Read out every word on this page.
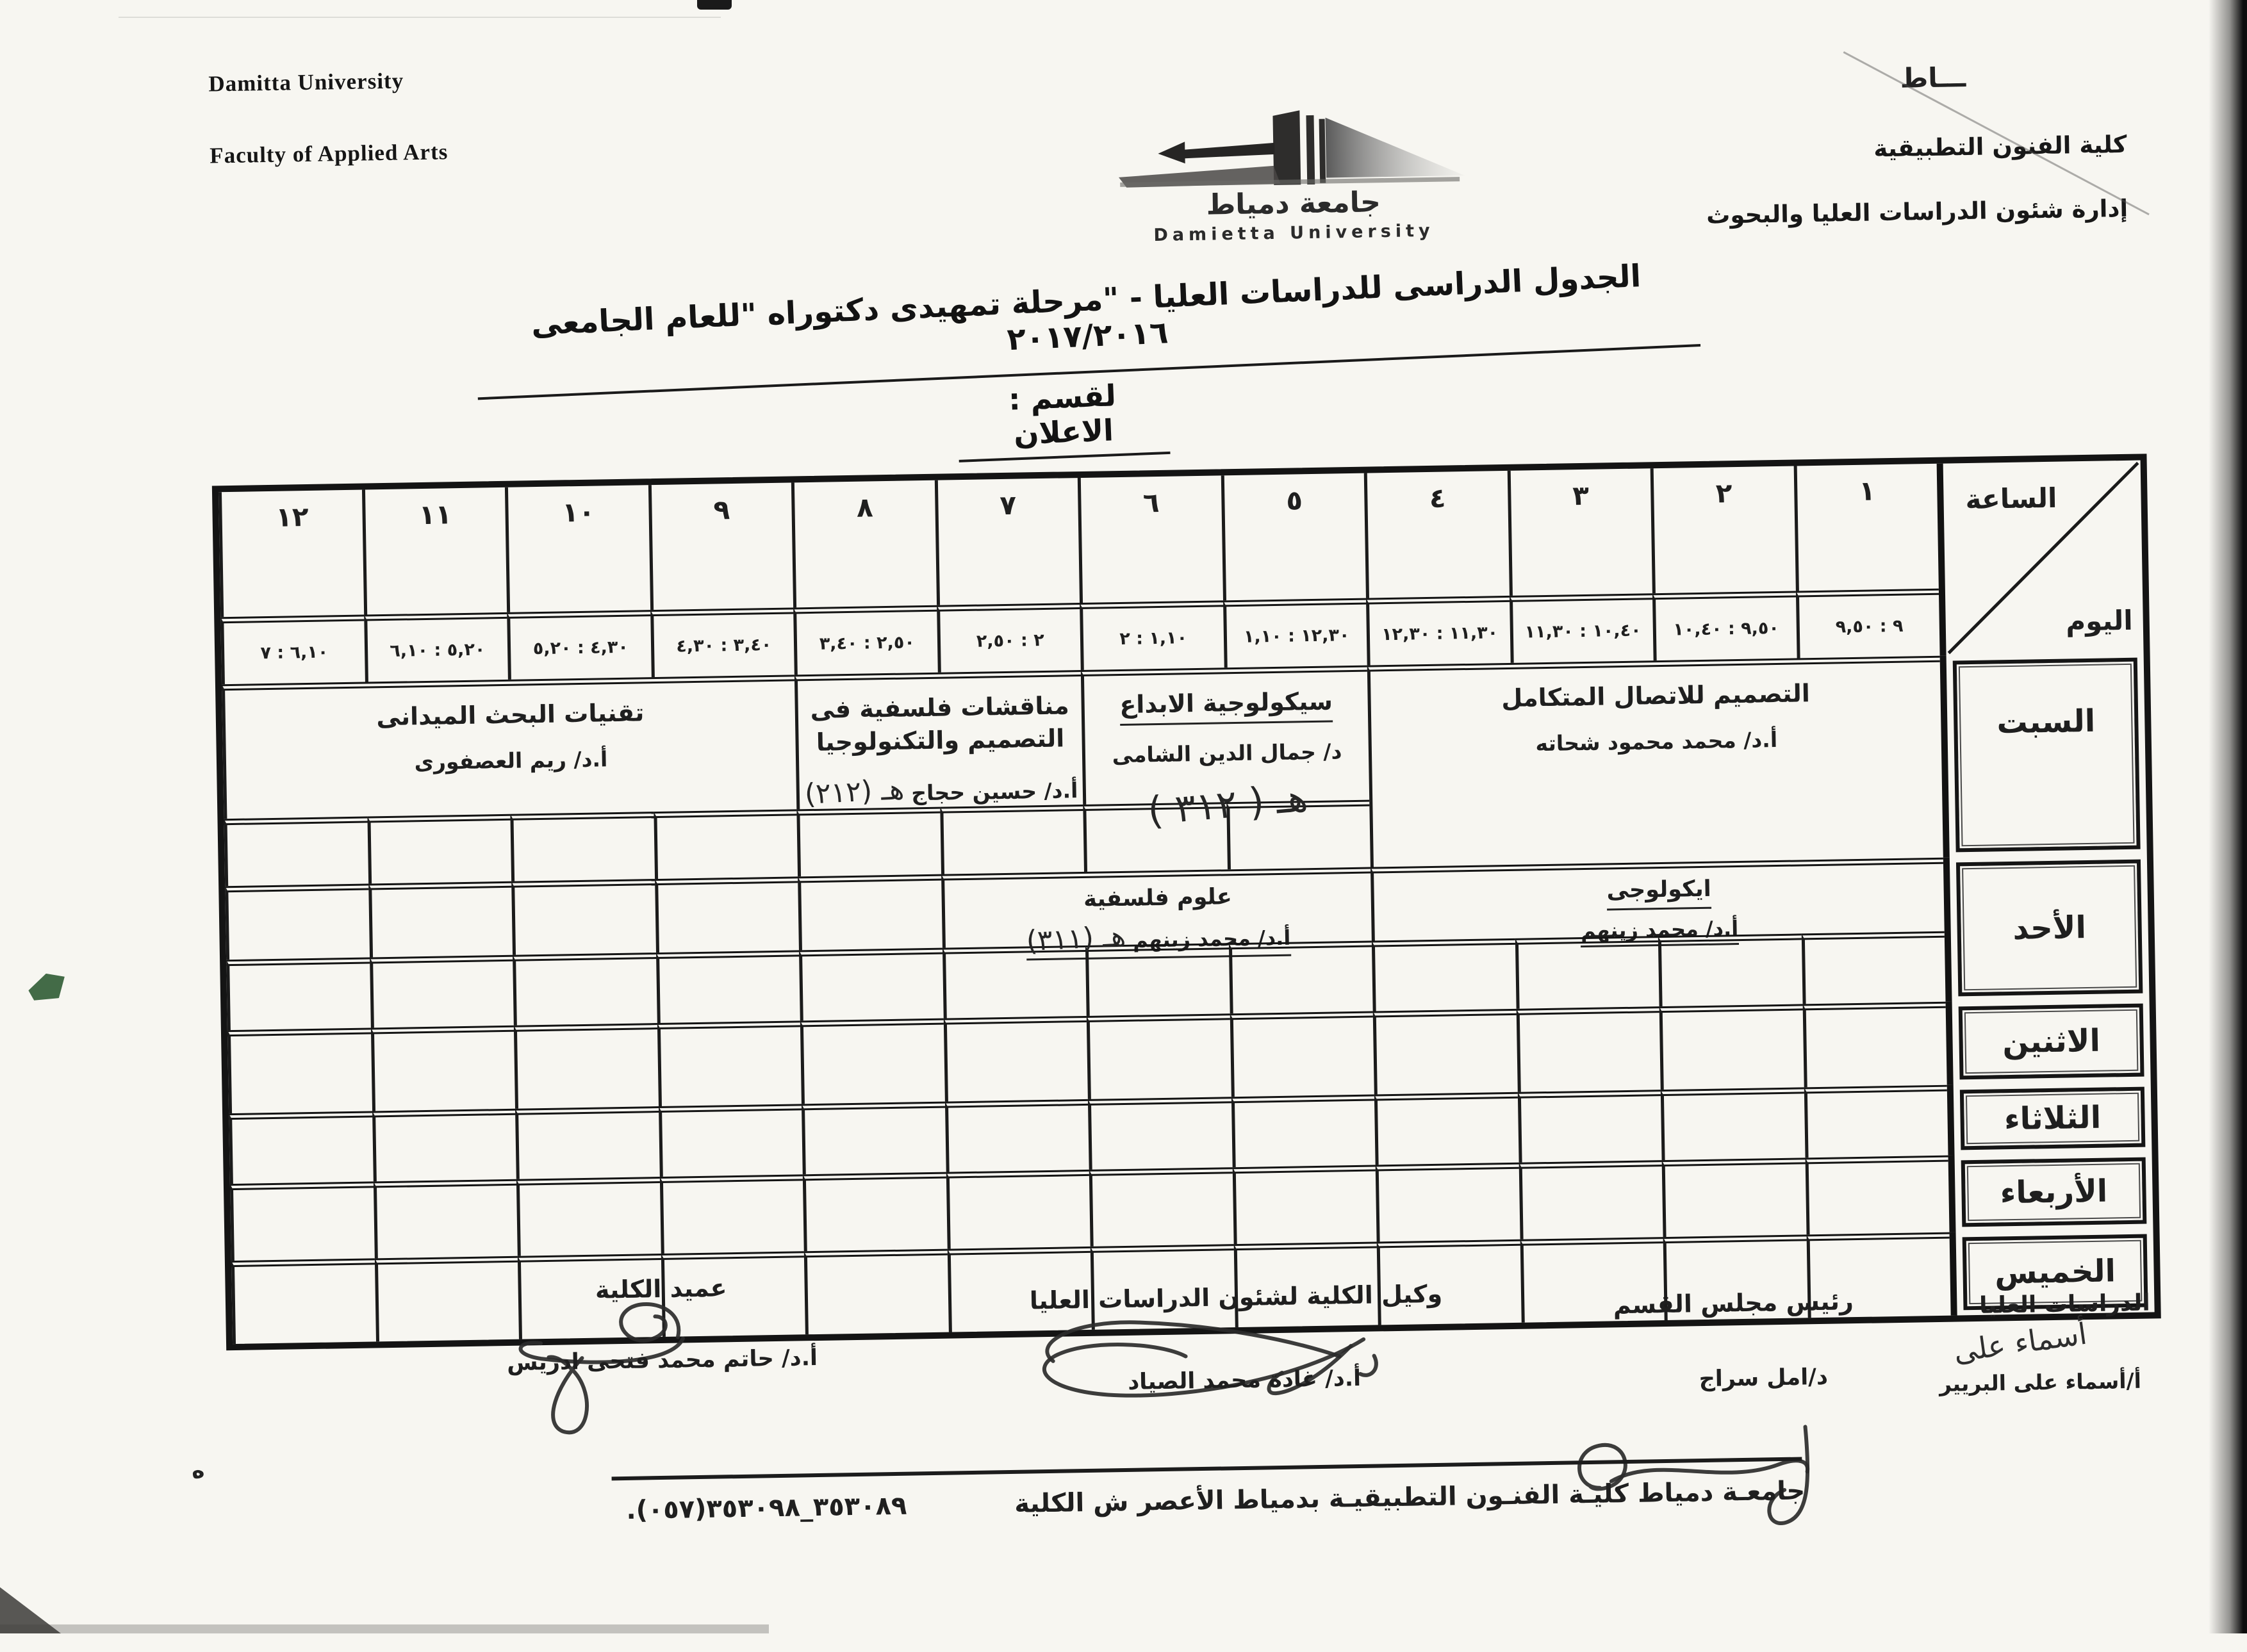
Damitta University
Faculty of Applied Arts	كلية الفنون التطبيقية
إدارة شئون الدراسات العليا والبحوث
ـــاط
جامعة دمياط
Damietta University
الجدول الدراسى للدراسات العليا - "مرحلة تمهيدى دكتوراه "للعام الجامعى ٢٠١٧/٢٠١٦
لقسم : الاعلان
الساعة
اليوم
١
٢
٣
٤
٥
٦
٧
٨
٩
١٠
١١
١٢
٩ : ٩,٥٠
٩,٥٠ : ١٠,٤٠
١٠,٤٠ : ١١,٣٠
١١,٣٠ : ١٢,٣٠
١٢,٣٠ : ١,١٠
١,١٠ : ٢
٢ : ٢,٥٠
٢,٥٠ : ٣,٤٠
٣,٤٠ : ٤,٣٠
٤,٣٠ : ٥,٢٠
٥,٢٠ : ٦,١٠
٦,١٠ : ٧
السبت
الأحد
الاثنين
الثلاثاء
الأربعاء
الخميس
التصميم للاتصال المتكامل
أ.د/ محمد محمود شحاته
سيكولوجية الابداع
د/ جمال الدين الشامى
هـ ( ٣١٢ )
مناقشات فلسفية فى التصميم والتكنولوجيا
أ.د/ حسين حجاج هـ (٢١٢)
تقنيات البحث الميدانى
أ.د/ ريم العصفورى
ايكولوجى
أ.د/ محمد زينهم
علوم فلسفية
أ.د/ محمد زينهم هـ (٣١١)
عميد الكلية
أ.د/ حاتم محمد فتحى ادريس
وكيل الكلية لشئون الدراسات العليا
أ.د/ غادة محمد الصياد
رئيس مجلس القسم
د/امل سراج
الدراسات العليا
أسماء على
أ/أسماء على البريير
جامعـة دمياط كليـة الفنـون التطبيقيـة بدمياط الأعصر ش الكلية
.(٠٥٧)٣٥٣٠٨٩_٣٥٣٠٩٨
ه
